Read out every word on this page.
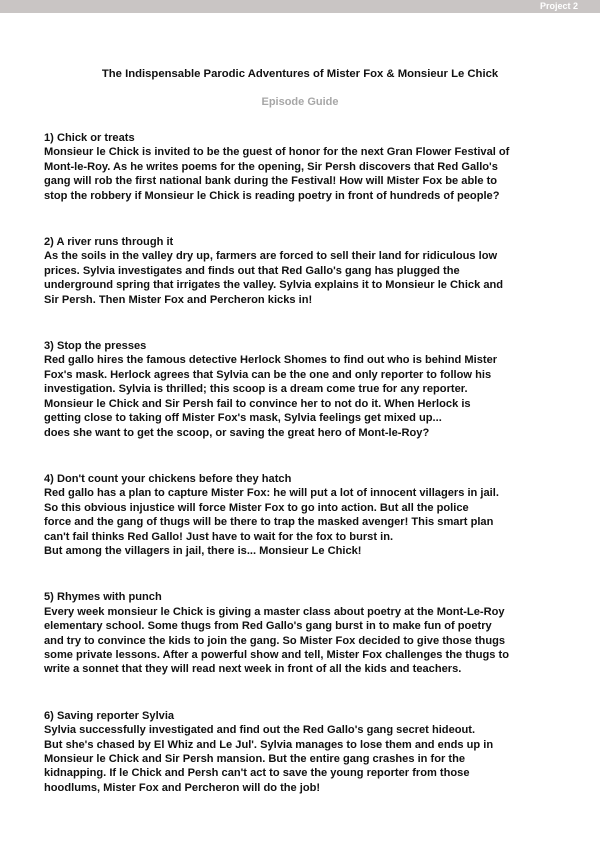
Project 2
The Indispensable Parodic Adventures of Mister Fox & Monsieur Le Chick
Episode Guide
1) Chick or treats

Monsieur le Chick is invited to be the guest of honor for the next Gran Flower Festival of
Mont-le-Roy. As he writes poems for the opening, Sir Persh discovers that Red Gallo's
gang will rob the first national bank during the Festival! How will Mister Fox be able to
stop the robbery if Monsieur le Chick is reading poetry in front of hundreds of people?

2) A river runs through it

As the soils in the valley dry up, farmers are forced to sell their land for ridiculous low
prices. Sylvia investigates and finds out that Red Gallo's gang has plugged the
underground spring that irrigates the valley. Sylvia explains it to Monsieur le Chick and
Sir Persh. Then Mister Fox and Percheron kicks in!

3) Stop the presses

Red gallo hires the famous detective Herlock Shomes to find out who is behind Mister
Fox's mask. Herlock agrees that Sylvia can be the one and only reporter to follow his
investigation. Sylvia is thrilled; this scoop is a dream come true for any reporter.
Monsieur le Chick and Sir Persh fail to convince her to not do it. When Herlock is
getting close to taking off Mister Fox's mask, Sylvia feelings get mixed up...
does she want to get the scoop, or saving the great hero of Mont-le-Roy?

4) Don't count your chickens before they hatch

Red gallo has a plan to capture Mister Fox: he will put a lot of innocent villagers in jail.
So this obvious injustice will force Mister Fox to go into action. But all the police
force and the gang of thugs will be there to trap the masked avenger! This smart plan
can't fail thinks Red Gallo! Just have to wait for the fox to burst in.
But among the villagers in jail, there is... Monsieur Le Chick!

5) Rhymes with punch

Every week monsieur le Chick is giving a master class about poetry at the Mont-Le-Roy
elementary school. Some thugs from Red Gallo's gang burst in to make fun of poetry
and try to convince the kids to join the gang. So Mister Fox decided to give those thugs
some private lessons. After a powerful show and tell, Mister Fox challenges the thugs to
write a sonnet that they will read next week in front of all the kids and teachers.

6) Saving reporter Sylvia

Sylvia successfully investigated and find out the Red Gallo's gang secret hideout.
But she's chased by El Whiz and Le Jul'. Sylvia manages to lose them and ends up in
Monsieur le Chick and Sir Persh mansion. But the entire gang crashes in for the
kidnapping. If le Chick and Persh can't act to save the young reporter from those
hoodlums, Mister Fox and Percheron will do the job!
